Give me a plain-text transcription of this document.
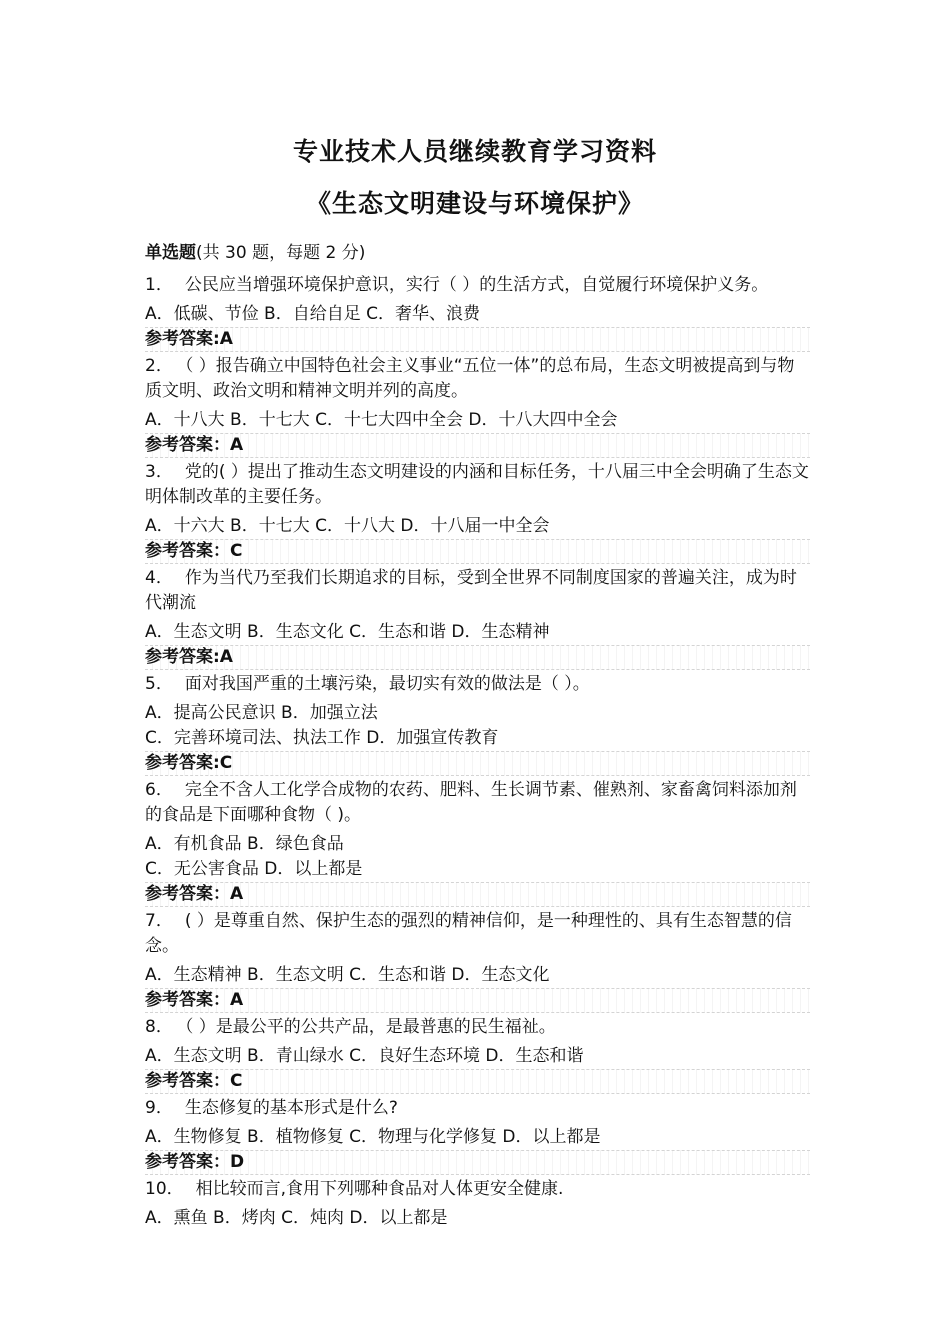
专业技术人员继续教育学习资料
《生态文明建设与环境保护》
单选题(共 30 题，每题 2 分)
1． 公民应当增强环境保护意识，实行（ ）的生活方式，自觉履行环境保护义务。
A．低碳、节俭 B．自给自足 C．奢华、浪费
参考答案:A
2． （ ）报告确立中国特色社会主义事业“五位一体”的总布局，生态文明被提高到与物质文明、政治文明和精神文明并列的高度。
A．十八大 B．十七大 C．十七大四中全会 D．十八大四中全会
参考答案：A
3． 党的( ）提出了推动生态文明建设的内涵和目标任务，十八届三中全会明确了生态文明体制改革的主要任务。
A．十六大 B．十七大 C．十八大 D．十八届一中全会
参考答案：C
4． 作为当代乃至我们长期追求的目标，受到全世界不同制度国家的普遍关注，成为时代潮流
A．生态文明 B．生态文化 C．生态和谐 D．生态精神
参考答案:A
5． 面对我国严重的土壤污染，最切实有效的做法是（ ）。
A．提高公民意识 B．加强立法
C．完善环境司法、执法工作 D．加强宣传教育
参考答案:C
6． 完全不含人工化学合成物的农药、肥料、生长调节素、催熟剂、家畜禽饲料添加剂的食品是下面哪种食物（ )。
A．有机食品 B．绿色食品
C．无公害食品 D．以上都是
参考答案：A
7． ( ）是尊重自然、保护生态的强烈的精神信仰，是一种理性的、具有生态智慧的信念。
A．生态精神 B．生态文明 C．生态和谐 D．生态文化
参考答案：A
8． （ ）是最公平的公共产品，是最普惠的民生福祉。
A．生态文明 B．青山绿水 C．良好生态环境 D．生态和谐
参考答案：C
9． 生态修复的基本形式是什么?
A．生物修复 B．植物修复 C．物理与化学修复 D．以上都是
参考答案：D
10． 相比较而言,食用下列哪种食品对人体更安全健康.
A．熏鱼 B．烤肉 C．炖肉 D．以上都是
